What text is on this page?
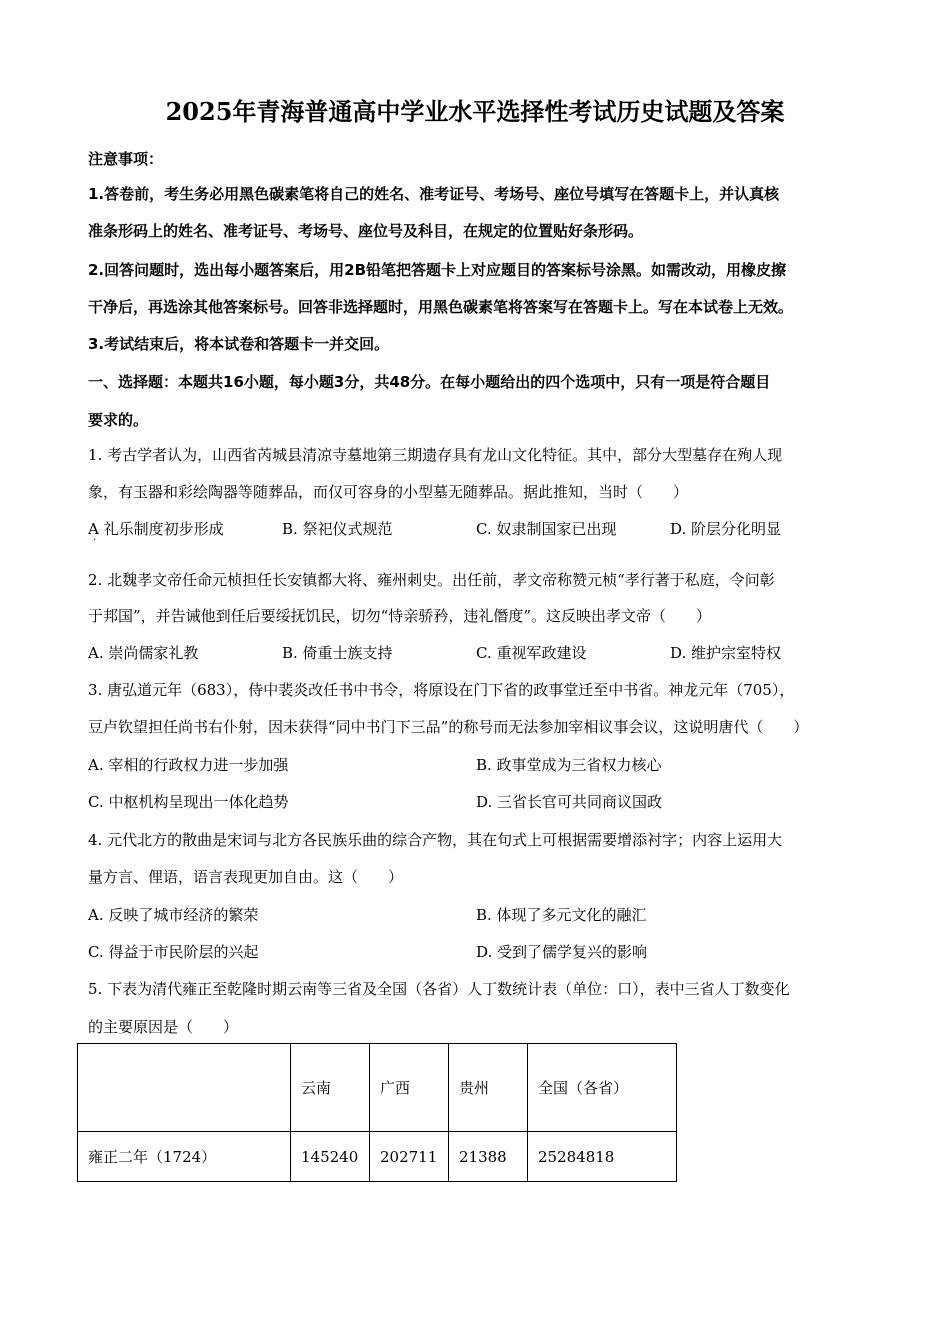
2025年青海普通高中学业水平选择性考试历史试题及答案
注意事项：
1.答卷前，考生务必用黑色碳素笔将自己的姓名、准考证号、考场号、座位号填写在答题卡上，并认真核
准条形码上的姓名、准考证号、考场号、座位号及科目，在规定的位置贴好条形码。
2.回答问题时，选出每小题答案后，用2B铅笔把答题卡上对应题目的答案标号涂黑。如需改动，用橡皮擦
干净后，再选涂其他答案标号。回答非选择题时，用黑色碳素笔将答案写在答题卡上。写在本试卷上无效。
3.考试结束后，将本试卷和答题卡一并交回。
一、选择题：本题共16小题，每小题3分，共48分。在每小题给出的四个选项中，只有一项是符合题目
要求的。
1. 考古学者认为，山西省芮城县清凉寺墓地第三期遗存具有龙山文化特征。其中，部分大型墓存在殉人现
象，有玉器和彩绘陶器等随葬品，而仅可容身的小型墓无随葬品。据此推知，当时（　　）
A 礼乐制度初步形成	B. 祭祀仪式规范	C. 奴隶制国家已出现	D. 阶层分化明显
·
2. 北魏孝文帝任命元桢担任长安镇都大将、雍州刺史。出任前，孝文帝称赞元桢“孝行著于私庭，令问彰
于邦国”，并告诫他到任后要绥抚饥民，切勿“恃亲骄矜，违礼僭度”。这反映出孝文帝（　　）
A. 崇尚儒家礼教	B. 倚重士族支持	C. 重视军政建设	D. 维护宗室特权
3. 唐弘道元年（683），侍中裴炎改任书中书令，将原设在门下省的政事堂迁至中书省。神龙元年（705），
豆卢钦望担任尚书右仆射，因未获得“同中书门下三品”的称号而无法参加宰相议事会议，这说明唐代（　　）
A. 宰相的行政权力进一步加强	B. 政事堂成为三省权力核心
C. 中枢机构呈现出一体化趋势	D. 三省长官可共同商议国政
4. 元代北方的散曲是宋词与北方各民族乐曲的综合产物，其在句式上可根据需要增添衬字；内容上运用大
量方言、俚语，语言表现更加自由。这（　　）
A. 反映了城市经济的繁荣	B. 体现了多元文化的融汇
C. 得益于市民阶层的兴起	D. 受到了儒学复兴的影响
5. 下表为清代雍正至乾隆时期云南等三省及全国（各省）人丁数统计表（单位：口），表中三省人丁数变化
的主要原因是（　　）
	云南	广西	贵州	全国（各省）
雍正二年（1724）	145240	202711	21388	25284818
